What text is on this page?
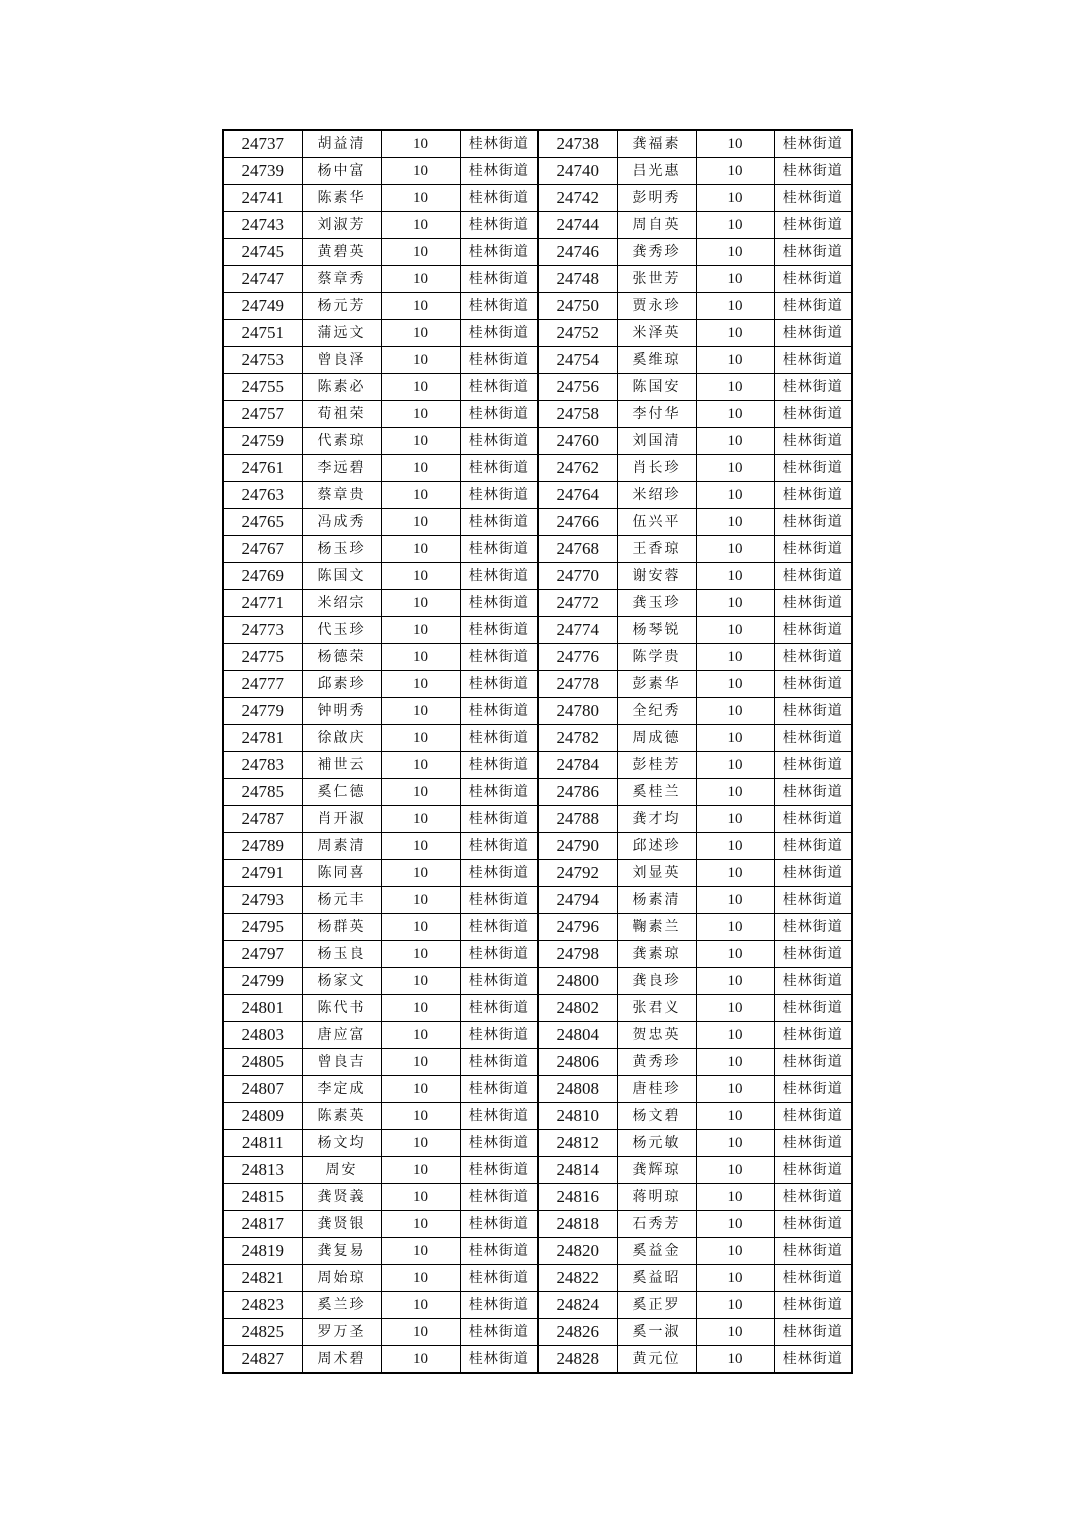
24737	胡益清	10	桂林街道	24738	龚福素	10	桂林街道
24739	杨中富	10	桂林街道	24740	吕光惠	10	桂林街道
24741	陈素华	10	桂林街道	24742	彭明秀	10	桂林街道
24743	刘淑芳	10	桂林街道	24744	周自英	10	桂林街道
24745	黄碧英	10	桂林街道	24746	龚秀珍	10	桂林街道
24747	蔡章秀	10	桂林街道	24748	张世芳	10	桂林街道
24749	杨元芳	10	桂林街道	24750	贾永珍	10	桂林街道
24751	蒲远文	10	桂林街道	24752	米泽英	10	桂林街道
24753	曾良泽	10	桂林街道	24754	奚维琼	10	桂林街道
24755	陈素必	10	桂林街道	24756	陈国安	10	桂林街道
24757	荀祖荣	10	桂林街道	24758	李付华	10	桂林街道
24759	代素琼	10	桂林街道	24760	刘国清	10	桂林街道
24761	李远碧	10	桂林街道	24762	肖长珍	10	桂林街道
24763	蔡章贵	10	桂林街道	24764	米绍珍	10	桂林街道
24765	冯成秀	10	桂林街道	24766	伍兴平	10	桂林街道
24767	杨玉珍	10	桂林街道	24768	王香琼	10	桂林街道
24769	陈国文	10	桂林街道	24770	谢安蓉	10	桂林街道
24771	米绍宗	10	桂林街道	24772	龚玉珍	10	桂林街道
24773	代玉珍	10	桂林街道	24774	杨琴锐	10	桂林街道
24775	杨德荣	10	桂林街道	24776	陈学贵	10	桂林街道
24777	邱素珍	10	桂林街道	24778	彭素华	10	桂林街道
24779	钟明秀	10	桂林街道	24780	全纪秀	10	桂林街道
24781	徐啟庆	10	桂林街道	24782	周成德	10	桂林街道
24783	補世云	10	桂林街道	24784	彭桂芳	10	桂林街道
24785	奚仁德	10	桂林街道	24786	奚桂兰	10	桂林街道
24787	肖开淑	10	桂林街道	24788	龚才均	10	桂林街道
24789	周素清	10	桂林街道	24790	邱述珍	10	桂林街道
24791	陈同喜	10	桂林街道	24792	刘显英	10	桂林街道
24793	杨元丰	10	桂林街道	24794	杨素清	10	桂林街道
24795	杨群英	10	桂林街道	24796	鞠素兰	10	桂林街道
24797	杨玉良	10	桂林街道	24798	龚素琼	10	桂林街道
24799	杨家文	10	桂林街道	24800	龚良珍	10	桂林街道
24801	陈代书	10	桂林街道	24802	张君义	10	桂林街道
24803	唐应富	10	桂林街道	24804	贺忠英	10	桂林街道
24805	曾良吉	10	桂林街道	24806	黄秀珍	10	桂林街道
24807	李定成	10	桂林街道	24808	唐桂珍	10	桂林街道
24809	陈素英	10	桂林街道	24810	杨文碧	10	桂林街道
24811	杨文均	10	桂林街道	24812	杨元敏	10	桂林街道
24813	周安	10	桂林街道	24814	龚辉琼	10	桂林街道
24815	龚贤義	10	桂林街道	24816	蒋明琼	10	桂林街道
24817	龚贤银	10	桂林街道	24818	石秀芳	10	桂林街道
24819	龚复易	10	桂林街道	24820	奚益金	10	桂林街道
24821	周始琼	10	桂林街道	24822	奚益昭	10	桂林街道
24823	奚兰珍	10	桂林街道	24824	奚正罗	10	桂林街道
24825	罗万圣	10	桂林街道	24826	奚一淑	10	桂林街道
24827	周术碧	10	桂林街道	24828	黄元位	10	桂林街道
